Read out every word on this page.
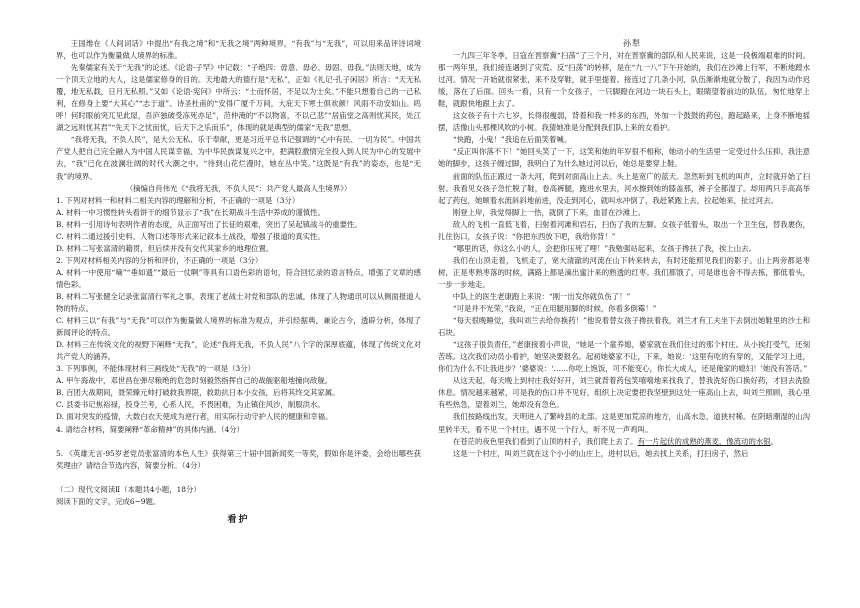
王国维在《人间词话》中提出“有我之境”和“无我之境”两种境界，“有我”与“无我”，可以用来品评诗词境界，也可以作为衡量做人境界的标准。

先秦儒家有关于“无我”的论述。《论语·子罕》中记载：“子绝四：毋意、毋必、毋固、毋我。”法则天地，成为一个顶天立地的大人，这是儒家修身的目的。天地最大的德行是“无私”，正如《礼记·孔子闲居》所言：“天无私覆，地无私载，日月无私照。”又如《论语·宪问》中所云：“士而怀居，不足以为士矣。”不能只想着自己的一己私利，在修身上要“大其心”“志于道”。诗圣杜甫的“安得广厦千万间，大庇天下寒士俱欢颜！风雨不动安如山。呜呼！何时眼前突兀见此屋，吾庐独破受冻死亦足”，范仲淹的“不以物喜，不以己悲”“居庙堂之高则忧其民，处江湖之远则忧其君”“先天下之忧而忧，后天下之乐而乐”，体现的就是典型的儒家“无我”思想。

“我将无我，不负人民”，是大公无私、乐于奉献，更是习近平总书记强调的“心中有民、一切为民”。中国共产党人把自己完全融入为中国人民谋幸福、为中华民族谋复兴之中，把满腔激情完全投入到人民为中心的发展中去，“我”已化在波澜壮阔的时代大潮之中。“待到山花烂漫时，她在丛中笑。”这既是“有我”的姿态，也是“无我”的境界。

（摘编自肖伟光《“我将无我，不负人民”：共产党人最高人生境界》）

1. 下列对材料一和材料二相关内容的理解和分析，不正确的一项是（3分）

A. 材料一中习惯性转头看饼干的细节显示了“我”在长期战斗生活中养成的谨慎性。

B. 材料一引用诗句表明作者的态度，从正面写出了长征的艰难，突出了吴起镇战斗的重要性。

C. 材料二通过援引史料、人物口述等形式来记叙本土战役，增强了报道的真实性。

D. 材料二写张富清的籍贯，但后续并没有交代其家乡的地理位置。

2. 下列对材料相关内容的分析和评价，不正确的一项是（3分）

A. 材料一中使用“嘀”“垂如遗”“最后一仗啊”等具有口语色彩的语句，符合回忆录的语言特点，增强了文章的感情色彩。

B. 材料二写张健全记录张富清行军礼之事，表现了老战士对党和部队的忠诚，体现了人物通讯可以从侧面报道人物的特点。

C. 材料三以“有我”与“无我”可以作为衡量做人境界的标准为观点，并引经据典，兼论古今，透辟分析，体现了新闻评论的特点。

D. 材料三在传统文化的视野下阐释“无我”，论述“我将无我，不负人民”八个字的深厚底蕴，体现了传统文化对共产党人的涵养。

3. 下列事例，不能体现材料三画线处“无我”的一项是（3分）

A. 甲午海战中，邓世昌在弹尽粮绝的危急时刻毅然指挥自己的战舰驱船地撞向敌舰。

B. 百团大战期间，聂荣臻元帅打破救我界限，救助抗日本小女孩，后将其终交其家属。

C. 县委书记焦裕禄，投身兰考，心系人民，不畏困难，为止镇住风沙，制服洪水。

D. 面对突发的疫情，大数白衣天使成为逆行者，用实际行动守护人民的健康和幸福。

4. 请结合材料，简要阐释“革命精神”的具体内涵。（4分）

5. 《英雄无言-95岁老党员张富清的本色人生》获得第三十届中国新闻奖一等奖，假如你是评委，会给出哪些获奖理由？请结合节选内容，简要分析。（4分）

（二）现代文阅读Ⅱ（本题共4小题，18分）

阅读下面的文字，完成6~9题。

看护

孙犁

一九四三年冬季，日寇在晋察冀“扫荡”了三个月，对在晋察冀的部队和人民来说，这是一段极端艰难的时间。那一两年里，我们接连遇到了灾荒。反“扫荡”的转移，是在“九一八”下午开始的，我们在沙滩上行军，不断地蹚水过河。情况一开始就很紧张，来不及穿鞋，就手里提着。接连过了几条小河，队伍渐渐地就分散了，我因为动作迟缓，落在了后面。回头一看，只有一个女孩子，一只脚蹬在河边一块石头上，眼睛望着前边的队伍，匆忙地穿上鞋，就跟快地跟上去了。

这女孩子有十六七岁，长得很瘦弱，背着和我一样多的东西，外加一个鼓鼓的药包，跑起路来，上身不断地摇摆，活像山头那棵风吹的小树。我猜她准是分配到我们队上来的女看护。

“快跑，小鬼！”我追在后面笑着喊。

“反正叫你落不下！”她回头笑了一下，这笑和她的年岁很不相称，她动小的生活里一定受过什么压抑。我注意她的脚步，这孩子缠过脚，我明白了为什么她过河以后，她总是要穿上鞋。

前面的队伍正跟过一条大河，爬到对面高山上去。头上是宽广的蓝天。忽然听到飞机的叫声，立时就开始了扫射。我看见女孩子急忙脱了鞋，卷高裤腿，跑进水里去，河水擦到她的膝盖那，裤子全都湿了。却用两只手高高举起了药包，她顾着水流斜斜地前进，没走到河心，就叫水冲倒了，我赶紧跑上去，拉起她来，扯过河去。

刚登上岸，我觉得脚上一热，就倒了下来，血冒在沙滩上。

敌人的飞机一直低飞着，扫射着河滩和岩石，扫伤了我的左脚。女孩子低着头，取出一个卫生包，替我裹伤，扎住伤口，女孩子说：“你把东西放下吧，我给你背！”

“哪里的话，你这么小的人，会把你压死了哩！”我勉强站起来，女孩子搀扶了我，挨上山去。

我们在山顶走着，飞机走了，宽大清澈的河流在山下转来转去，有时还能照见我们的影子。山上两旁都是枣树，正是枣熟枣落的时候，满路上都是滴出蜜汁来的熟透的红枣。我们都饿了，可是谁也舍不得去拣，都低着头，一步一步地走。

中队上的医生老康跑上来说：“刚一出发你就负伤了！”

“可是并不光荣，”我说，“正在用腿用脚的时候，你看多倒霉！”

“每天很晚睡觉，我叫刘兰去给你换药！”他说着替女孩子搀扶着我，刘兰才有工夫坐下去倒出她鞋里的沙土和石块。

“这孩子很负责任，”老康接着小声说，“她是一个童养媳，婆家就在我们住过的那个村庄。从小挨打受气，还刻苦练。这次我们动员小看护，她坚决要报名。起初她婆家不让，下来，她说：‘这里有吃的有穿的，又能学习上进，你们为什么不让我进步？’婆婆说：‘……你吃上饱饭，可不能变心，你长大成人，还是俺家的媳妇！’她没有答话。”

从这天起，每天晚上到村庄我好好开，刘兰就背着药包笑嘻嘻地来找我了，替我洗好伤口换好药，才回去洗脸休息。情况越来越紧，可是我的伤口并不见好，组织上决定要把我坚壁到这处一座高山上去，叫刘兰照顾，我心里有些热急，望着刘兰，她却没有急色。

我们按路线出发，天明进入了繁峙县的北部。这是更加荒凉的地方，山高水急，道狭村稀。在阴暗潮湿的山沟里转半天，看不见一个村庄，遇不见一个行人，听不见一声鸡叫。

在苍茫的夜色里我们看到了山顶的村子，我们爬上去了。有一片起伏的成熟的燕麦，像流动的水银。

这是一个村庄，叫刘兰就在这个小小的山庄上，进村以后，她去找上关系，打扫房子，然后
